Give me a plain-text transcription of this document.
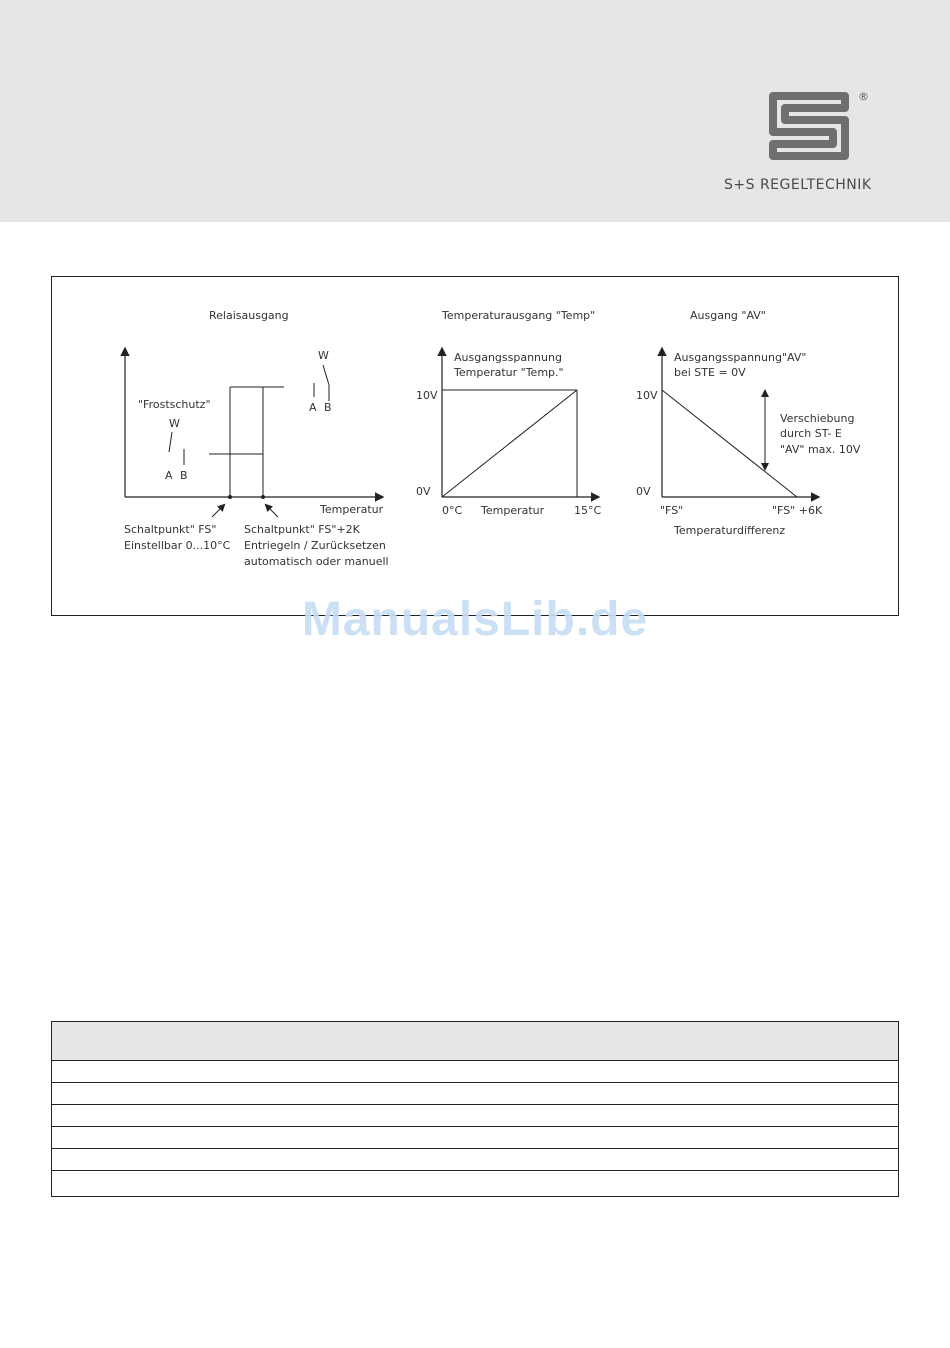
®
S+S REGELTECHNIK
Relaisausgang
Temperatur
"Frostschutz"
W
A B
W
A B
Schaltpunkt" FS"
Einstellbar 0...10°C
Schaltpunkt" FS"+2K
Entriegeln / Zurücksetzen
automatisch oder manuell
Temperaturausgang "Temp"
Ausgangsspannung
Temperatur "Temp."
10V
0V
0°C Temperatur	15°C
Ausgang "AV"
Ausgangsspannung"AV"
bei STE = 0V
10V
0V
Verschiebung
durch ST- E
"AV" max. 10V
"FS"	"FS" +6K
Temperaturdifferenz
ManualsLib.de
